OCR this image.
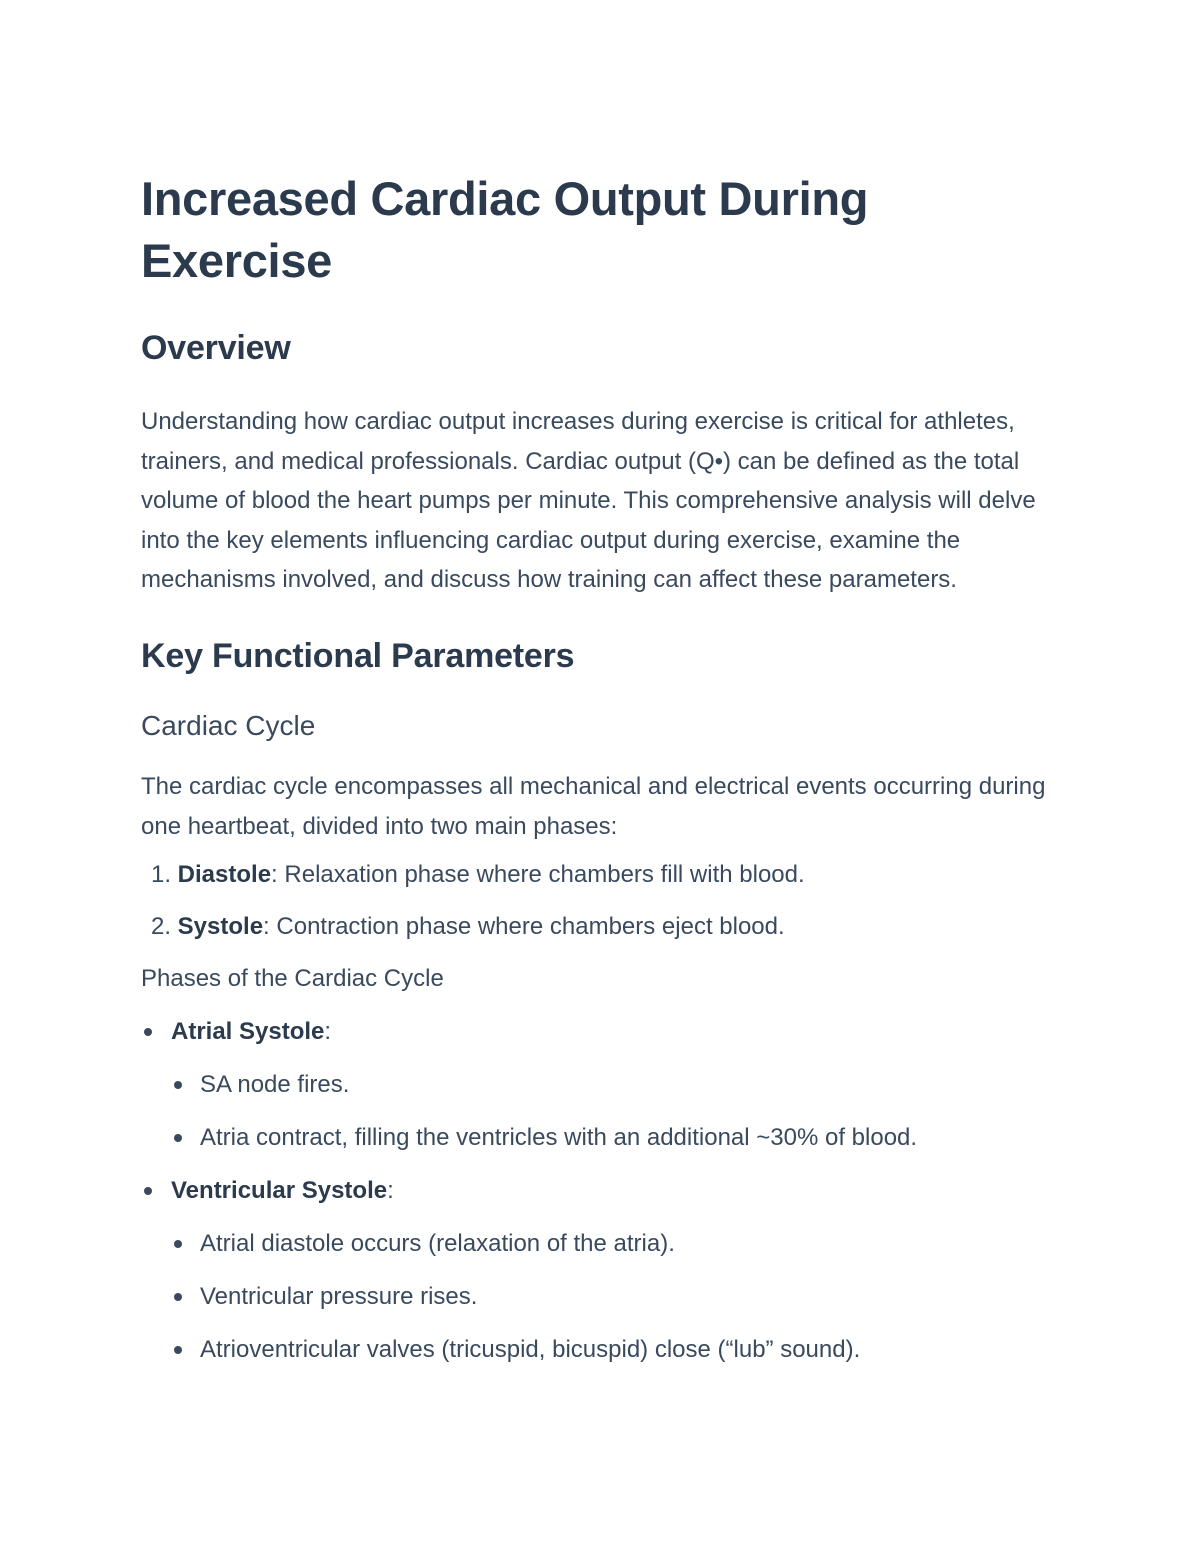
Increased Cardiac Output During
Exercise
Overview

Understanding how cardiac output increases during exercise is critical for athletes, trainers, and medical professionals. Cardiac output (Q•) can be defined as the total volume of blood the heart pumps per minute. This comprehensive analysis will delve into the key elements influencing cardiac output during exercise, examine the mechanisms involved, and discuss how training can affect these parameters.

Key Functional Parameters
Cardiac Cycle

The cardiac cycle encompasses all mechanical and electrical events occurring during one heartbeat, divided into two main phases:

1. Diastole: Relaxation phase where chambers fill with blood.
2. Systole: Contraction phase where chambers eject blood.

Phases of the Cardiac Cycle

Atrial Systole:
SA node fires.
Atria contract, filling the ventricles with an additional ~30% of blood.
Ventricular Systole:
Atrial diastole occurs (relaxation of the atria).
Ventricular pressure rises.
Atrioventricular valves (tricuspid, bicuspid) close (“lub” sound).
